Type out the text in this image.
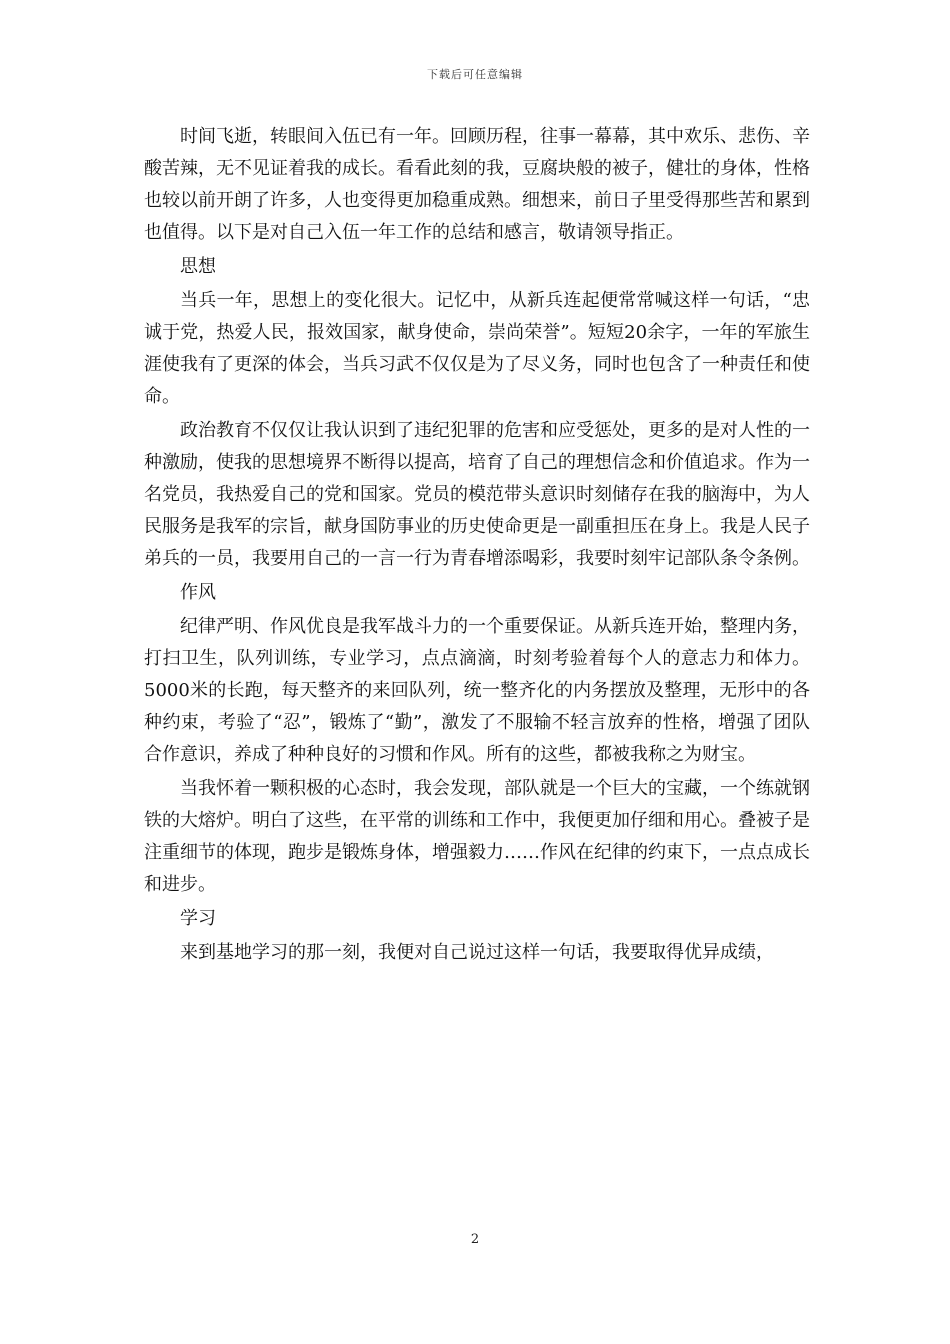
下载后可任意编辑

时间飞逝，转眼间入伍已有一年。回顾历程，往事一幕幕，其中欢乐、悲伤、辛酸苦辣，无不见证着我的成长。看看此刻的我，豆腐块般的被子，健壮的身体，性格也较以前开朗了许多，人也变得更加稳重成熟。细想来，前日子里受得那些苦和累到也值得。以下是对自己入伍一年工作的总结和感言，敬请领导指正。

思想

当兵一年，思想上的变化很大。记忆中，从新兵连起便常常喊这样一句话，“忠诚于党，热爱人民，报效国家，献身使命，崇尚荣誉”。短短20余字，一年的军旅生涯使我有了更深的体会，当兵习武不仅仅是为了尽义务，同时也包含了一种责任和使命。

政治教育不仅仅让我认识到了违纪犯罪的危害和应受惩处，更多的是对人性的一种激励，使我的思想境界不断得以提高，培育了自己的理想信念和价值追求。作为一名党员，我热爱自己的党和国家。党员的模范带头意识时刻储存在我的脑海中，为人民服务是我军的宗旨，献身国防事业的历史使命更是一副重担压在身上。我是人民子弟兵的一员，我要用自己的一言一行为青春增添喝彩，我要时刻牢记部队条令条例。

作风

纪律严明、作风优良是我军战斗力的一个重要保证。从新兵连开始，整理内务，打扫卫生，队列训练，专业学习，点点滴滴，时刻考验着每个人的意志力和体力。5000米的长跑，每天整齐的来回队列，统一整齐化的内务摆放及整理，无形中的各种约束，考验了“忍”，锻炼了“勤”，激发了不服输不轻言放弃的性格，增强了团队合作意识，养成了种种良好的习惯和作风。所有的这些，都被我称之为财宝。

当我怀着一颗积极的心态时，我会发现，部队就是一个巨大的宝藏，一个练就钢铁的大熔炉。明白了这些，在平常的训练和工作中，我便更加仔细和用心。叠被子是注重细节的体现，跑步是锻炼身体，增强毅力……作风在纪律的约束下，一点点成长和进步。

学习

来到基地学习的那一刻，我便对自己说过这样一句话，我要取得优异成绩，

2
